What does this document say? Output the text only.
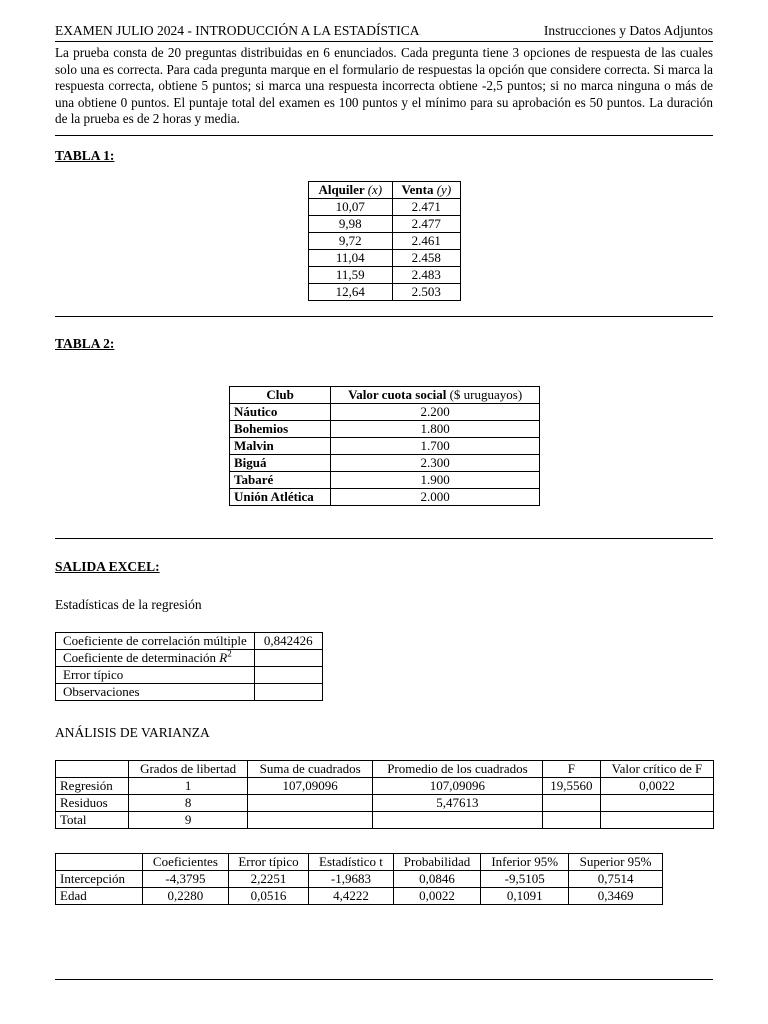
EXAMEN JULIO 2024 - INTRODUCCIÓN A LA ESTADÍSTICA	Instrucciones y Datos Adjuntos
La prueba consta de 20 preguntas distribuidas en 6 enunciados. Cada pregunta tiene 3 opciones de respuesta de las cuales solo una es correcta. Para cada pregunta marque en el formulario de respuestas la opción que considere correcta. Si marca la respuesta correcta, obtiene 5 puntos; si marca una respuesta incorrecta obtiene -2,5 puntos; si no marca ninguna o más de una obtiene 0 puntos. El puntaje total del examen es 100 puntos y el mínimo para su aprobación es 50 puntos. La duración de la prueba es de 2 horas y media.
TABLA 1:
Alquiler (x)	Venta (y)
10,07	2.471
9,98	2.477
9,72	2.461
11,04	2.458
11,59	2.483
12,64	2.503
TABLA 2:
Club	Valor cuota social ($ uruguayos)
Náutico	2.200
Bohemios	1.800
Malvin	1.700
Biguá	2.300
Tabaré	1.900
Unión Atlética	2.000
SALIDA EXCEL:
Estadísticas de la regresión
Coeficiente de correlación múltiple	0,842426
Coeficiente de determinación $R^2$	
Error típico	
Observaciones	
ANÁLISIS DE VARIANZA
	Grados de libertad	Suma de cuadrados	Promedio de los cuadrados	F	Valor crítico de F
Regresión	1	107,09096	107,09096	19,5560	0,0022
Residuos	8		5,47613		
Total	9				
	Coeficientes	Error típico	Estadístico t	Probabilidad	Inferior 95%	Superior 95%
Intercepción	-4,3795	2,2251	-1,9683	0,0846	-9,5105	0,7514
Edad	0,2280	0,0516	4,4222	0,0022	0,1091	0,3469
